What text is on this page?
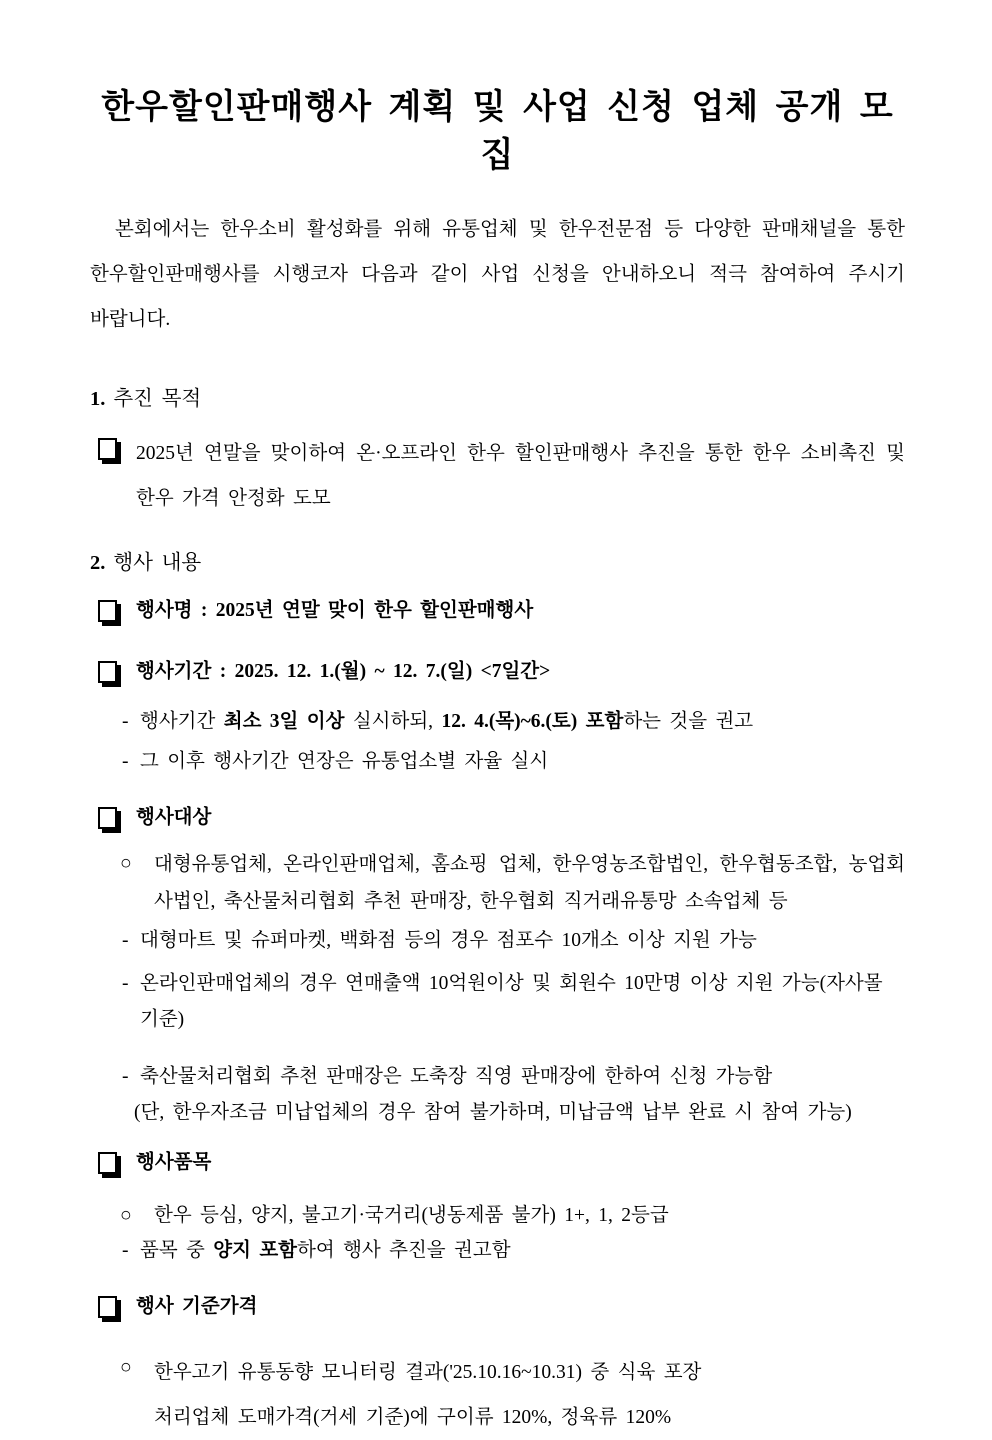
한우할인판매행사 계획 및 사업 신청 업체 공개 모집

본회에서는 한우소비 활성화를 위해 유통업체 및 한우전문점 등 다양한 판매채널을 통한 한우할인판매행사를 시행코자 다음과 같이 사업 신청을 안내하오니 적극 참여하여 주시기 바랍니다.

1. 추진 목적
2025년 연말을 맞이하여 온·오프라인 한우 할인판매행사 추진을 통한 한우 소비촉진 및 한우 가격 안정화 도모
2. 행사 내용
행사명 : 2025년 연말 맞이 한우 할인판매행사
행사기간 : 2025. 12. 1.(월) ~ 12. 7.(일) <7일간>
- 행사기간 최소 3일 이상 실시하되, 12. 4.(목)~6.(토) 포함하는 것을 권고
- 그 이후 행사기간 연장은 유통업소별 자율 실시
행사대상
○	대형유통업체, 온라인판매업체, 홈쇼핑 업체, 한우영농조합법인, 한우협동조합, 농업회사법인, 축산물처리협회 추천 판매장, 한우협회 직거래유통망 소속업체 등
- 대형마트 및 슈퍼마켓, 백화점 등의 경우 점포수 10개소 이상 지원 가능
- 온라인판매업체의 경우 연매출액 10억원이상 및 회원수 10만명 이상 지원 가능(자사몰 기준)
- 축산물처리협회 추천 판매장은 도축장 직영 판매장에 한하여 신청 가능함
(단, 한우자조금 미납업체의 경우 참여 불가하며, 미납금액 납부 완료 시 참여 가능)
행사품목
○	한우 등심, 양지, 불고기·국거리(냉동제품 불가) 1+, 1, 2등급
- 품목 중 양지 포함하여 행사 추진을 권고함
행사 기준가격
○	한우고기 유통동향 모니터링 결과('25.10.16~10.31) 중 식육 포장
처리업체 도매가격(거세 기준)에 구이류 120%, 정육류 120%
